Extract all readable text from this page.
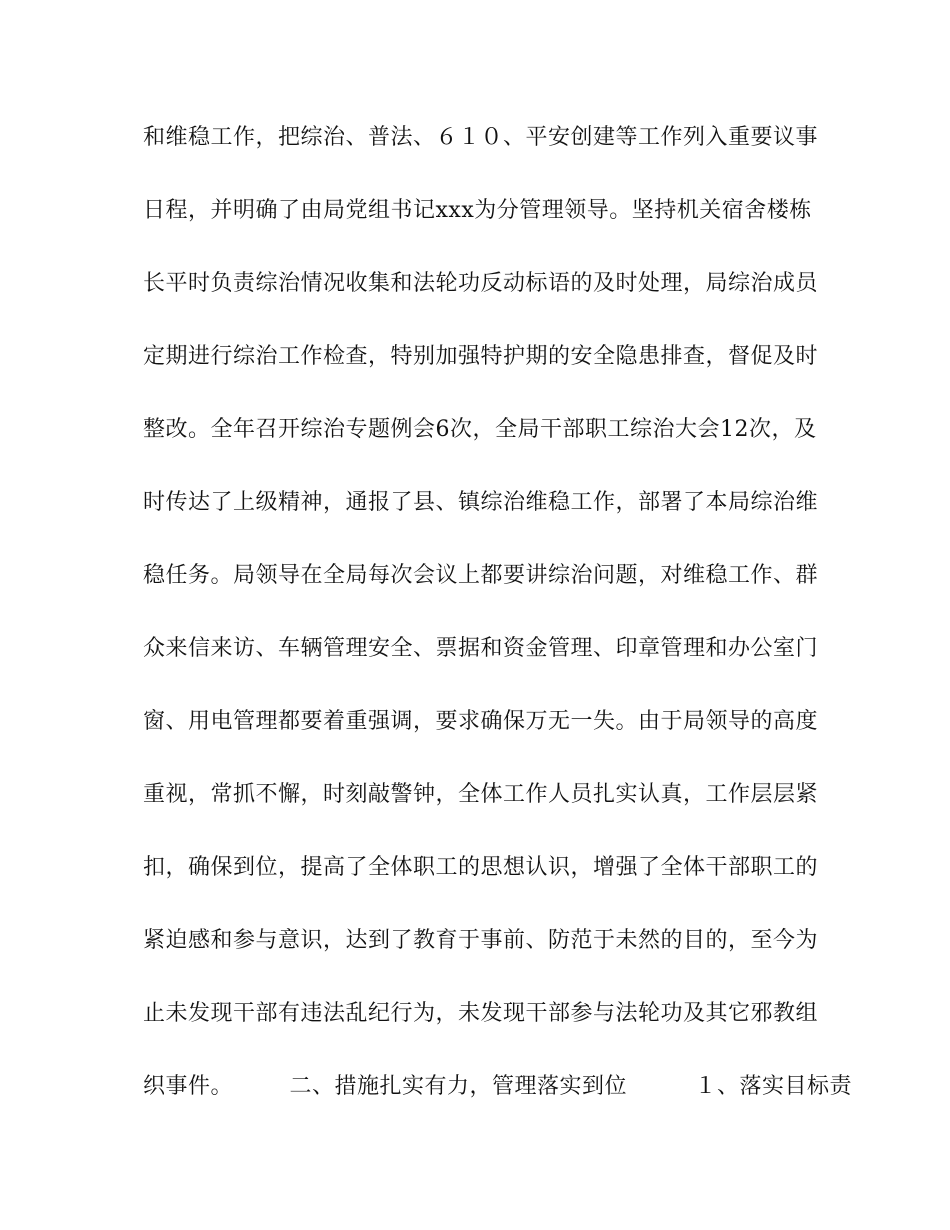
和维稳工作，把综治、普法、６１０、平安创建等工作列入重要议事
日程，并明确了由局党组书记xxx为分管理领导。坚持机关宿舍楼栋
长平时负责综治情况收集和法轮功反动标语的及时处理，局综治成员
定期进行综治工作检查，特别加强特护期的安全隐患排查，督促及时
整改。全年召开综治专题例会6次，全局干部职工综治大会12次，及
时传达了上级精神，通报了县、镇综治维稳工作，部署了本局综治维
稳任务。局领导在全局每次会议上都要讲综治问题，对维稳工作、群
众来信来访、车辆管理安全、票据和资金管理、印章管理和办公室门
窗、用电管理都要着重强调，要求确保万无一失。由于局领导的高度
重视，常抓不懈，时刻敲警钟，全体工作人员扎实认真，工作层层紧
扣，确保到位，提高了全体职工的思想认识，增强了全体干部职工的
紧迫感和参与意识，达到了教育于事前、防范于未然的目的，至今为
止未发现干部有违法乱纪行为，未发现干部参与法轮功及其它邪教组
织事件。　　　二、措施扎实有力，管理落实到位　　　１、落实目标责
